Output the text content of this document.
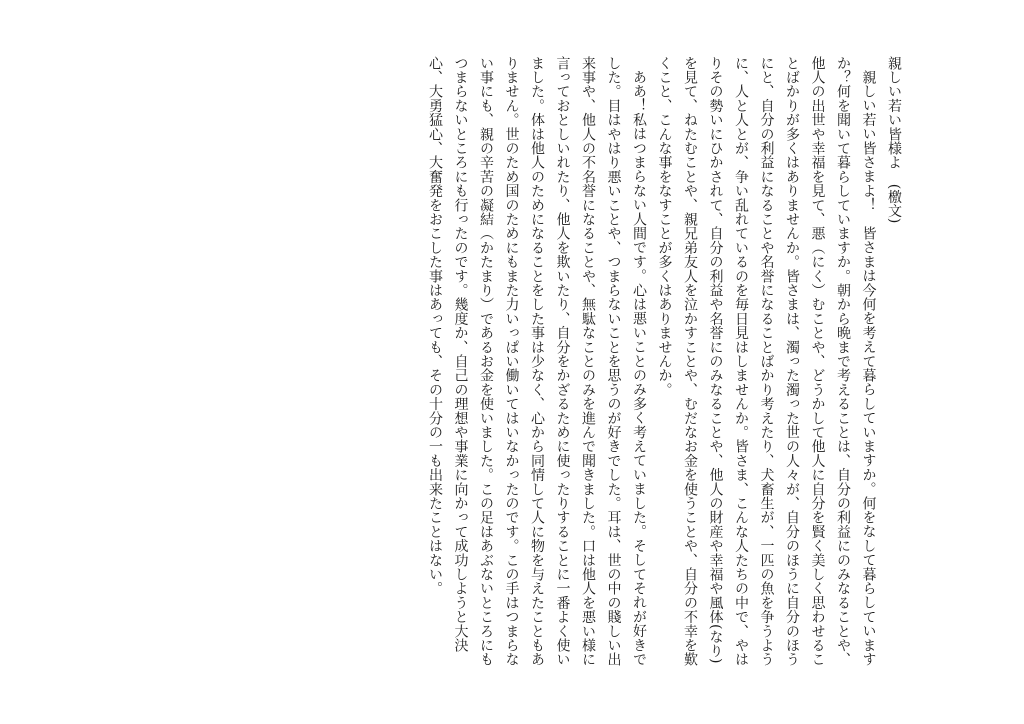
親しい若い皆様よ　(檄文)

親しい若い皆さまよ！　皆さまは今何を考えて暮らしていますか。何をなして暮らしていますか？何を聞いて暮らしていますか。朝から晩まで考えることは、自分の利益にのみなることや、他人の出世や幸福を見て、悪（にく）むことや、どうかして他人に自分を賢く美しく思わせることばかりが多くはありませんか。皆さまは、濁った濁った世の人々が、自分のほうに自分のほうにと、自分の利益になることや名誉になることばかり考えたり、犬畜生が、一匹の魚を争うように、人と人とが、争い乱れているのを毎日見はしませんか。皆さま、こんな人たちの中で、やはりその勢いにひかされて、自分の利益や名誉にのみなることや、他人の財産や幸福や風体(なり)を見て、ねたむことや、親兄弟友人を泣かすことや、むだなお金を使うことや、自分の不幸を歎くこと、こんな事をなすことが多くはありませんか。

ああ！私はつまらない人間です。心は悪いことのみ多く考えていました。そしてそれが好きでした。目はやはり悪いことや、つまらないことを思うのが好きでした。耳は、世の中の賤しい出来事や、他人の不名誉になることや、無駄なことのみを進んで聞きました。口は他人を悪い様に言っておとしいれたり、他人を欺いたり、自分をかざるために使ったりすることに一番よく使いました。体は他人のためになることをした事は少なく、心から同情して人に物を与えたこともありません。世のため国のためにもまた力いっぱい働いてはいなかったのです。この手はつまらない事にも、親の辛苦の凝結（かたまり）であるお金を使いました。この足はあぶないところにもつまらないところにも行ったのです。幾度か、自己の理想や事業に向かって成功しようと大決心、大勇猛心、大奮発をおこした事はあっても、その十分の一も出来たことはない。
